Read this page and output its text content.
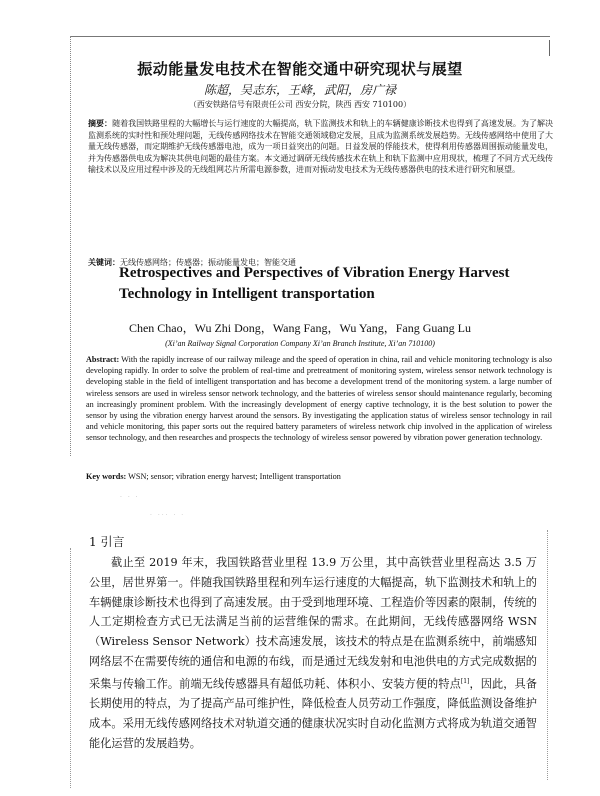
振动能量发电技术在智能交通中研究现状与展望
陈超，吴志东，王峰，武阳，房广禄
（西安铁路信号有限责任公司 西安分院，陕西 西安 710100）
摘要：随着我国铁路里程的大幅增长与运行速度的大幅提高，轨下监测技术和轨上的车辆健康诊断技术也得到了高速发展。为了解决监测系统的实时性和预处理问题，无线传感网络技术在智能交通领域稳定发展，且成为监测系统发展趋势。无线传感网络中使用了大量无线传感器，而定期维护无线传感器电池，成为一项日益突出的问题。日益发展的俘能技术，使得利用传感器周围振动能量发电，并为传感器供电成为解决其供电问题的最佳方案。本文通过调研无线传感技术在轨上和轨下监测中应用现状，梳理了不同方式无线传输技术以及应用过程中涉及的无线组网芯片所需电源参数，进而对振动发电技术为无线传感器供电的技术进行研究和展望。
关键词：无线传感网络；传感器；振动能量发电；智能交通
Retrospectives and Perspectives of Vibration Energy Harvest Technology in Intelligent transportation
Chen Chao，Wu Zhi Dong，Wang Fang，Wu Yang，Fang Guang Lu
(Xi’an Railway Signal Corporation Company Xi’an Branch Institute, Xi’an 710100)
Abstract: With the rapidly increase of our railway mileage and the speed of operation in china, rail and vehicle monitoring technology is also developing rapidly. In order to solve the problem of real-time and pretreatment of monitoring system, wireless sensor network technology is developing stable in the field of intelligent transportation and has become a development trend of the monitoring system. a large number of wireless sensors are used in wireless sensor network technology, and the batteries of wireless sensor should maintenance regularly, becoming an increasingly prominent problem. With the increasingly development of energy captive technology, it is the best solution to power the sensor by using the vibration energy harvest around the sensors. By investigating the application status of wireless sensor technology in rail and vehicle monitoring, this paper sorts out the required battery parameters of wireless network chip involved in the application of wireless sensor technology, and then researches and prospects the technology of wireless sensor powered by vibration power generation technology.
Key words: WSN; sensor; vibration energy harvest; Intelligent transportation
· · ·
· ··· · ·
1 引言
截止至 2019 年末，我国铁路营业里程 13.9 万公里，其中高铁营业里程高达 3.5 万公里，居世界第一。伴随我国铁路里程和列车运行速度的大幅提高，轨下监测技术和轨上的车辆健康诊断技术也得到了高速发展。由于受到地理环境、工程造价等因素的限制，传统的人工定期检查方式已无法满足当前的运营维保的需求。在此期间，无线传感器网络 WSN（Wireless Sensor Network）技术高速发展，该技术的特点是在监测系统中，前端感知网络层不在需要传统的通信和电源的布线，而是通过无线发射和电池供电的方式完成数据的采集与传输工作。前端无线传感器具有超低功耗、体积小、安装方便的特点[1]，因此，具备长期使用的特点，为了提高产品可维护性，降低检查人员劳动工作强度，降低监测设备维护成本。采用无线传感网络技术对轨道交通的健康状况实时自动化监测方式将成为轨道交通智能化运营的发展趋势。
